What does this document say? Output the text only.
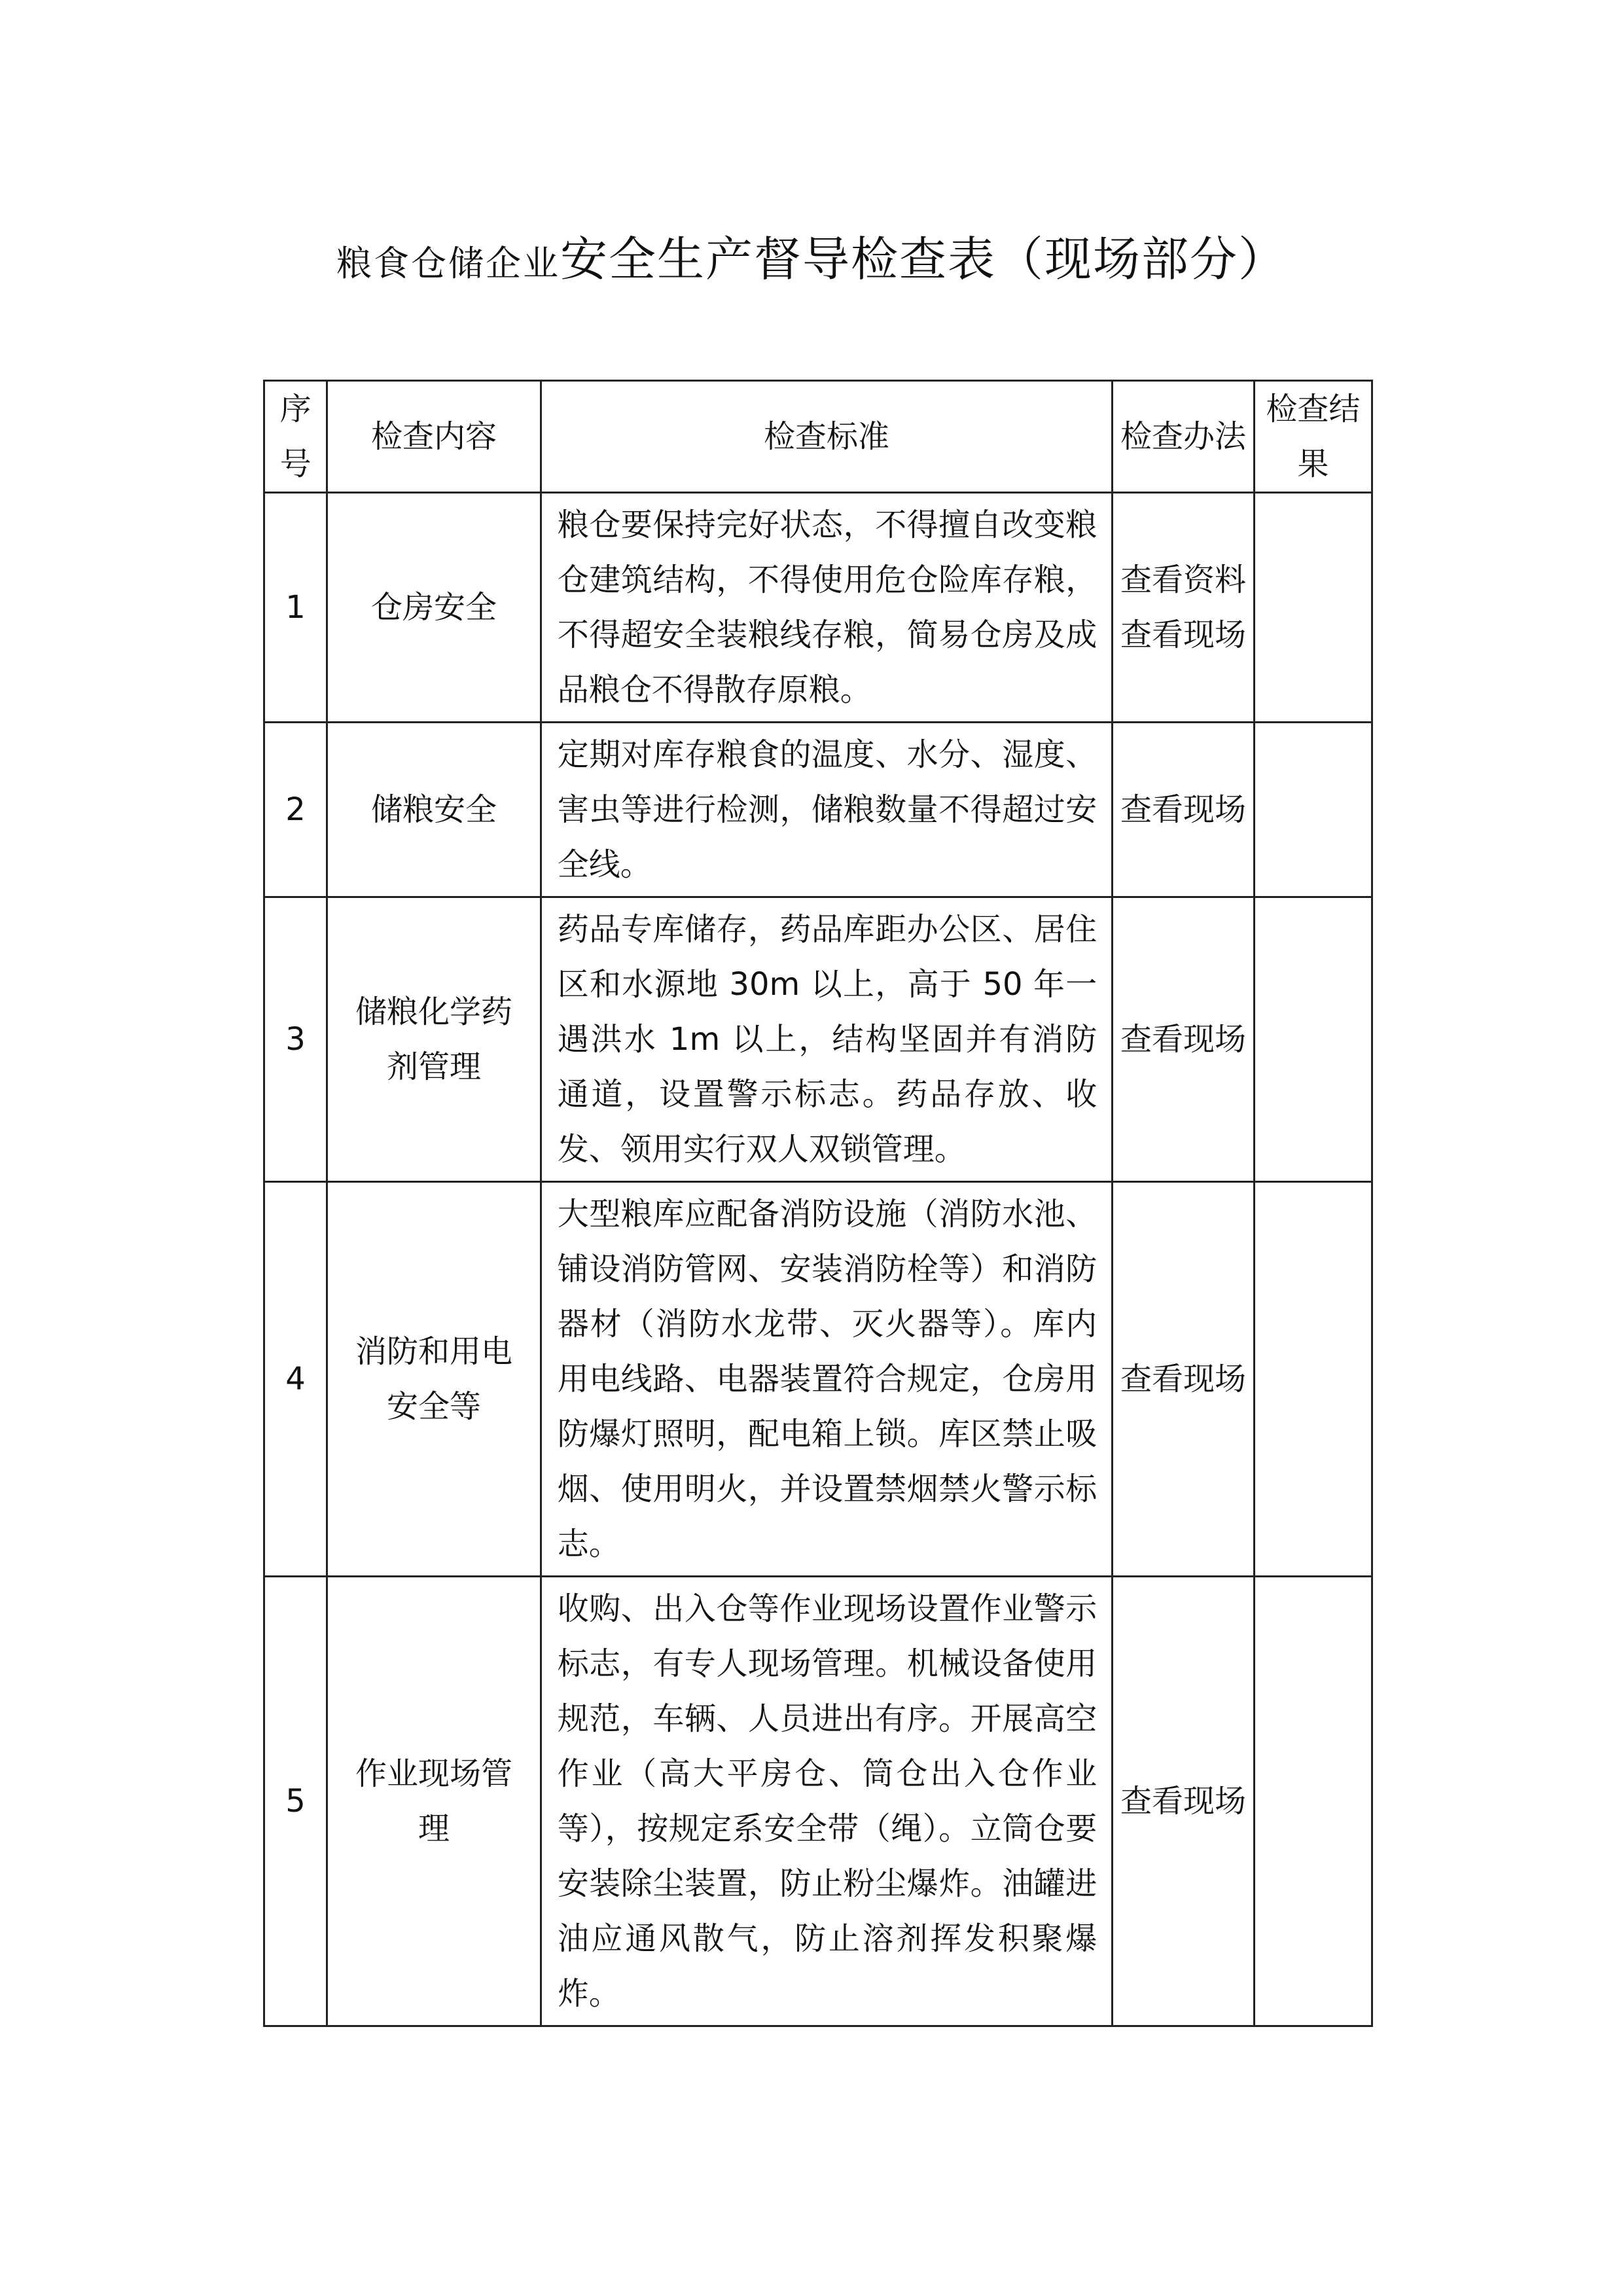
粮食仓储企业安全生产督导检查表（现场部分）
序号	检查内容	检查标准	检查办法	检查结果
1	仓房安全	粮仓要保持完好状态，不得擅自改变粮仓建筑结构，不得使用危仓险库存粮，不得超安全装粮线存粮，简易仓房及成品粮仓不得散存原粮。	查看资料查看现场	
2	储粮安全	定期对库存粮食的温度、水分、湿度、害虫等进行检测，储粮数量不得超过安全线。	查看现场	
3	储粮化学药剂管理	药品专库储存，药品库距办公区、居住区和水源地 30m 以上，高于 50 年一遇洪水 1m 以上，结构坚固并有消防通道，设置警示标志。药品存放、收发、领用实行双人双锁管理。	查看现场	
4	消防和用电安全等	大型粮库应配备消防设施（消防水池、铺设消防管网、安装消防栓等）和消防器材（消防水龙带、灭火器等）。库内用电线路、电器装置符合规定，仓房用防爆灯照明，配电箱上锁。库区禁止吸烟、使用明火，并设置禁烟禁火警示标志。	查看现场	
5	作业现场管理	收购、出入仓等作业现场设置作业警示标志，有专人现场管理。机械设备使用规范，车辆、人员进出有序。开展高空作业（高大平房仓、筒仓出入仓作业等），按规定系安全带（绳）。立筒仓要安装除尘装置，防止粉尘爆炸。油罐进油应通风散气，防止溶剂挥发积聚爆炸。	查看现场	
